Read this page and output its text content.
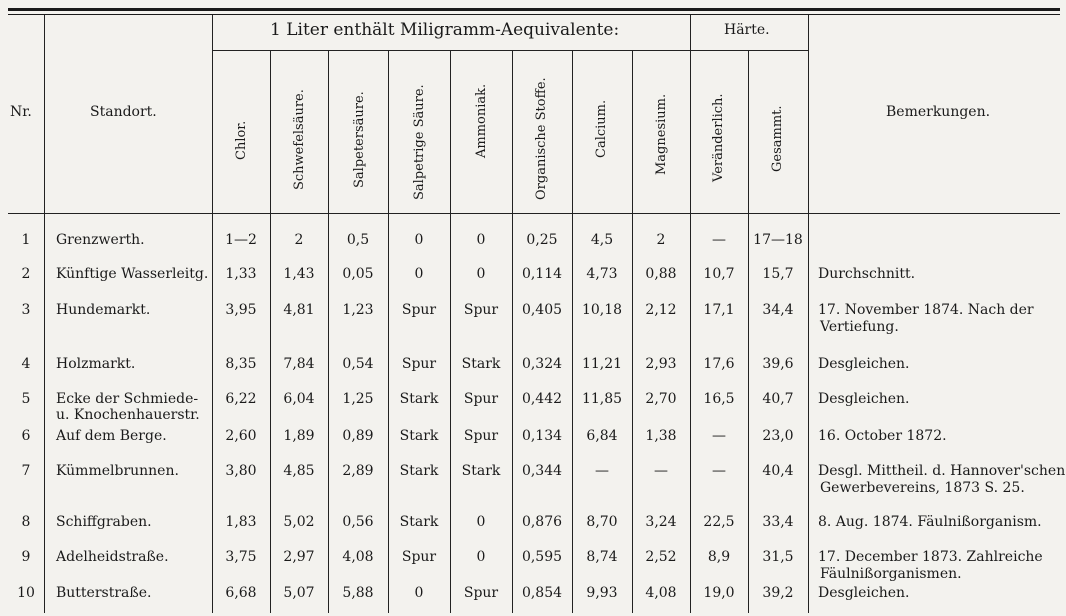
Nr.	Standort.
1 Liter enthält Miligramm-Aequivalente:	Härte.
Bemerkungen.
Chlor.	Schwefelsäure.	Salpetersäure.	Salpetrige Säure.	Ammoniak.	Organische Stoffe.	Calcium.	Magnesium.	Veränderlich.	Gesammt.
1	Grenzwerth.	1—2	2	0,5	0	0	0,25	4,5	2	—	17—18
2	Künftige Wasserleitg.	1,33	1,43	0,05	0	0	0,114	4,73	0,88	10,7	15,7	Durchschnitt.
3	Hundemarkt.	3,95	4,81	1,23	Spur	Spur	0,405	10,18	2,12	17,1	34,4	17. November 1874. Nach der
Vertiefung.
4	Holzmarkt.	8,35	7,84	0,54	Spur	Stark	0,324	11,21	2,93	17,6	39,6	Desgleichen.
5	Ecke der Schmiede-
u. Knochenhauerstr.
6,22	6,04	1,25	Stark	Spur	0,442	11,85	2,70	16,5	40,7	Desgleichen.
6	Auf dem Berge.	2,60	1,89	0,89	Stark	Spur	0,134	6,84	1,38	—	23,0	16. October 1872.
7	Kümmelbrunnen.	3,80	4,85	2,89	Stark	Stark	0,344	—	—	—	40,4	Desgl. Mittheil. d. Hannover'schen
Gewerbevereins, 1873 S. 25.
8	Schiffgraben.	1,83	5,02	0,56	Stark	0	0,876	8,70	3,24	22,5	33,4	8. Aug. 1874. Fäulnißorganism.
9	Adelheidstraße.	3,75	2,97	4,08	Spur	0	0,595	8,74	2,52	8,9	31,5	17. December 1873. Zahlreiche
Fäulnißorganismen.
10	Butterstraße.	6,68	5,07	5,88	0	Spur	0,854	9,93	4,08	19,0	39,2	Desgleichen.
